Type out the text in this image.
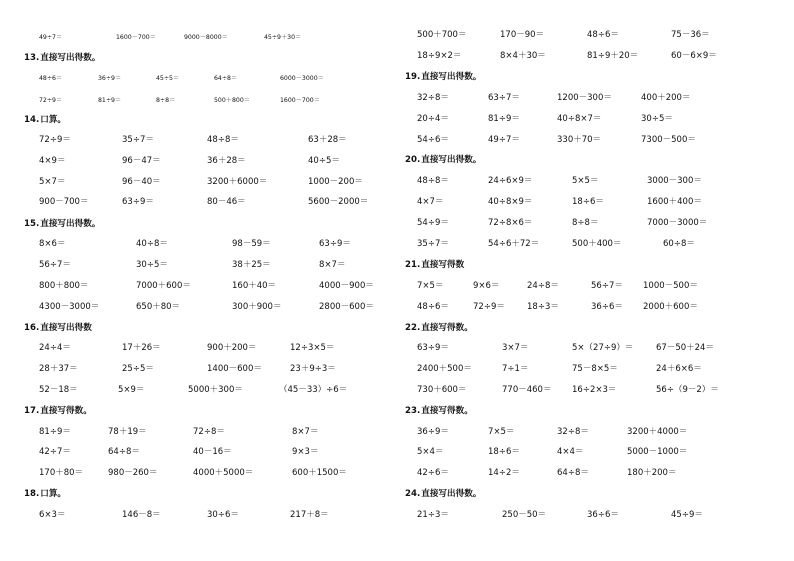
49÷7＝	1600－700＝	9000－8000＝	45÷9＋30＝
13.直接写出得数。
48÷6＝	36÷9＝	45÷5＝	64÷8＝	6000－3000＝
72÷9＝	81÷9＝	8÷8＝	500＋800＝	1600－700＝
14.口算。
72÷9＝	35÷7＝	48÷8＝	63＋28＝
4×9＝	96－47＝	36＋28＝	40÷5＝
5×7＝	96－40＝	3200＋6000＝	1000－200＝
900－700＝	63÷9＝	80－46＝	5600－2000＝
15.直接写出得数。
8×6＝	40÷8＝	98－59＝	63÷9＝
56÷7＝	30÷5＝	38＋25＝	8×7＝
800＋800＝	7000＋600＝	160＋40＝	4000－900＝
4300－3000＝	650＋80＝	300＋900＝	2800－600＝
16.直接写出得数
24÷4＝	17＋26＝	900＋200＝	12÷3×5＝
28＋37＝	25÷5＝	1400－600＝	23＋9÷3＝
52－18＝	5×9＝	5000＋300＝	（45－33）÷6＝
17.直接写得数。
81÷9＝	78＋19＝	72÷8＝	8×7＝
42÷7＝	64÷8＝	40－16＝	9×3＝
170＋80＝	980－260＝	4000＋5000＝	600＋1500＝
18.口算。
6×3＝	146－8＝	30÷6＝	217＋8＝
500＋700＝	170－90＝	48÷6＝	75－36＝
18÷9×2＝	8×4＋30＝	81÷9＋20＝	60－6×9＝
19.直接写出得数。
32÷8＝	63÷7＝	1200－300＝	400＋200＝
20÷4＝	81÷9＝	40÷8×7＝	30÷5＝
54÷6＝	49÷7＝	330＋70＝	7300－500＝
20.直接写出得数。
48÷8＝	24÷6×9＝	5×5＝	3000－300＝
4×7＝	40÷8×9＝	18÷6＝	1600＋400＝
54÷9＝	72÷8×6＝	8÷8＝	7000－3000＝
35÷7＝	54÷6＋72＝	500＋400＝	60÷8＝
21.直接写得数
7×5＝	9×6＝	24÷8＝	56÷7＝ 1000－500＝
48÷6＝	72÷9＝	18÷3＝	36÷6＝ 2000＋600＝
22.直接写得数。
63÷9＝	3×7＝	5×（27÷9）＝	67－50＋24＝
2400＋500＝	7÷1＝	75－8×5＝	24＋6×6＝
730＋600＝	770－460＝ 16÷2×3＝	56÷（9－2）＝
23.直接写得数。
36÷9＝	7×5＝	32÷8＝	3200＋4000＝
5×4＝	18÷6＝	4×4＝	5000－1000＝
42÷6＝	14÷2＝	64÷8＝	180＋200＝
24.直接写出得数。
21÷3＝	250－50＝	36÷6＝	45÷9＝
